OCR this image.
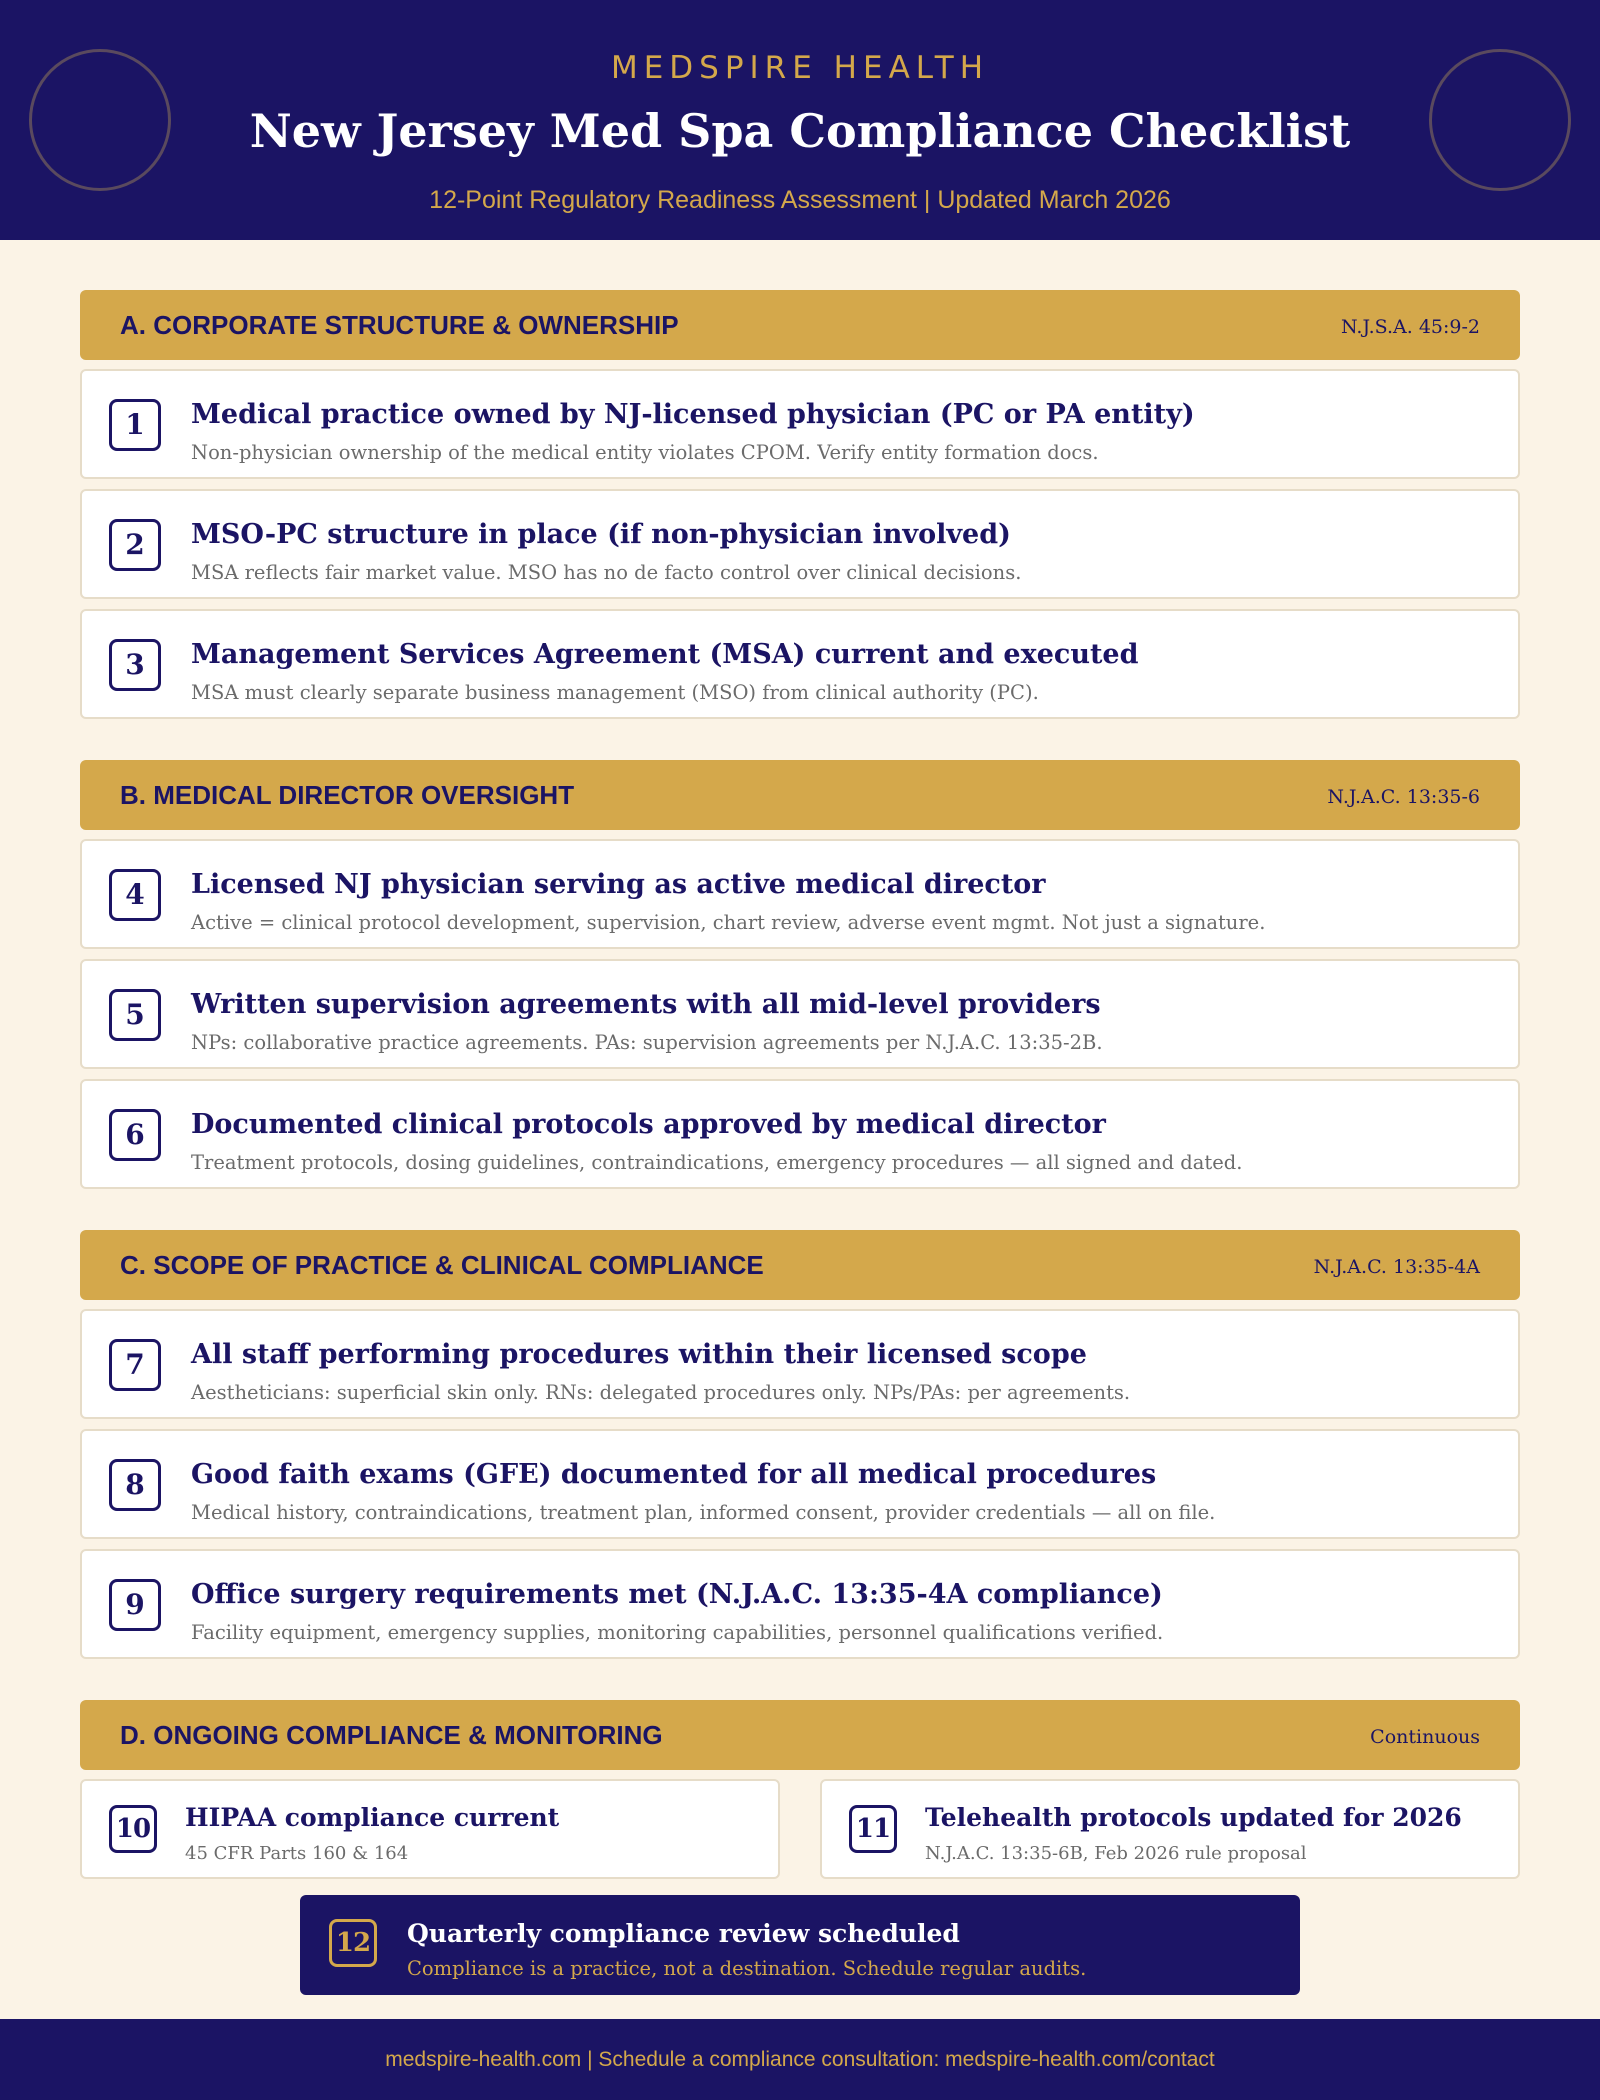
MEDSPIRE HEALTH
New Jersey Med Spa Compliance Checklist
12-Point Regulatory Readiness Assessment | Updated March 2026
A. CORPORATE STRUCTURE & OWNERSHIP	N.J.S.A. 45:9-2
1	Medical practice owned by NJ-licensed physician (PC or PA entity)
Non-physician ownership of the medical entity violates CPOM. Verify entity formation docs.
2	MSO-PC structure in place (if non-physician involved)
MSA reflects fair market value. MSO has no de facto control over clinical decisions.
3	Management Services Agreement (MSA) current and executed
MSA must clearly separate business management (MSO) from clinical authority (PC).
B. MEDICAL DIRECTOR OVERSIGHT	N.J.A.C. 13:35-6
4	Licensed NJ physician serving as active medical director
Active = clinical protocol development, supervision, chart review, adverse event mgmt. Not just a signature.
5	Written supervision agreements with all mid-level providers
NPs: collaborative practice agreements. PAs: supervision agreements per N.J.A.C. 13:35-2B.
6	Documented clinical protocols approved by medical director
Treatment protocols, dosing guidelines, contraindications, emergency procedures — all signed and dated.
C. SCOPE OF PRACTICE & CLINICAL COMPLIANCE	N.J.A.C. 13:35-4A
7	All staff performing procedures within their licensed scope
Aestheticians: superficial skin only. RNs: delegated procedures only. NPs/PAs: per agreements.
8	Good faith exams (GFE) documented for all medical procedures
Medical history, contraindications, treatment plan, informed consent, provider credentials — all on file.
9	Office surgery requirements met (N.J.A.C. 13:35-4A compliance)
Facility equipment, emergency supplies, monitoring capabilities, personnel qualifications verified.
D. ONGOING COMPLIANCE & MONITORING	Continuous
10 HIPAA compliance current
45 CFR Parts 160 & 164
11 Telehealth protocols updated for 2026
N.J.A.C. 13:35-6B, Feb 2026 rule proposal
12 Quarterly compliance review scheduled
Compliance is a practice, not a destination. Schedule regular audits.
medspire-health.com | Schedule a compliance consultation: medspire-health.com/contact
